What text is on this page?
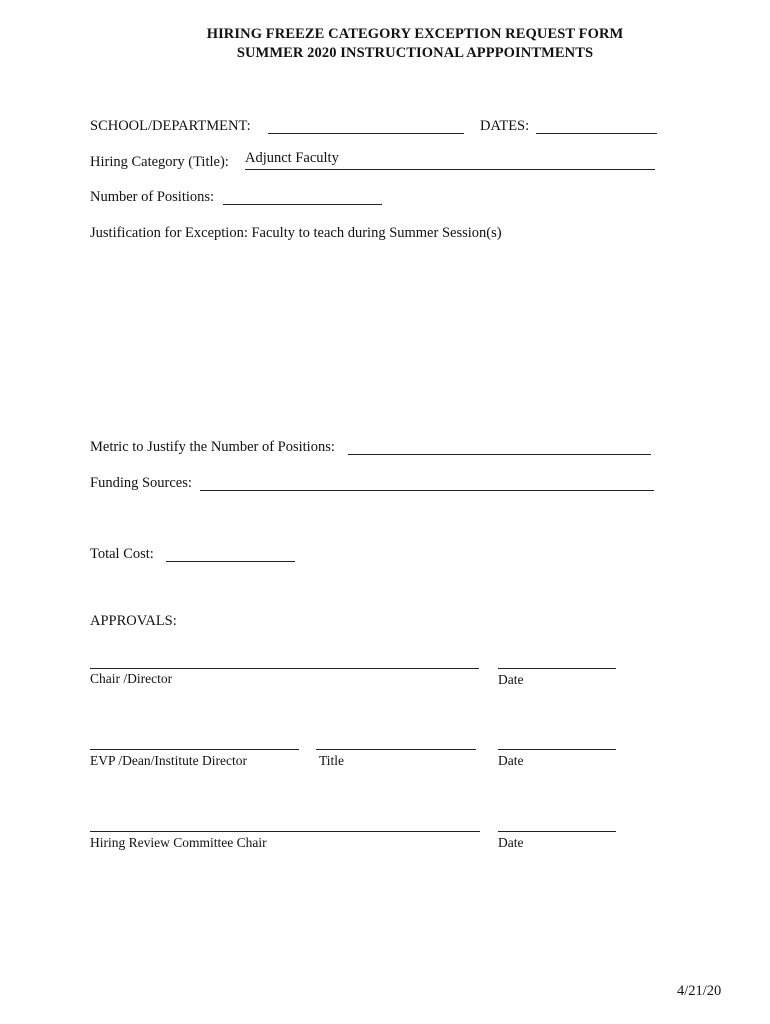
HIRING FREEZE CATEGORY EXCEPTION REQUEST FORM
SUMMER 2020 INSTRUCTIONAL APPPOINTMENTS
SCHOOL/DEPARTMENT:	DATES:
Hiring Category (Title): Adjunct Faculty
Number of Positions:
Justification for Exception: Faculty to teach during Summer Session(s)
Metric to Justify the Number of Positions:
Funding Sources:
Total Cost:
APPROVALS:
Chair /Director	Date
EVP /Dean/Institute Director	Title	Date
Hiring Review Committee Chair	Date
4/21/20
